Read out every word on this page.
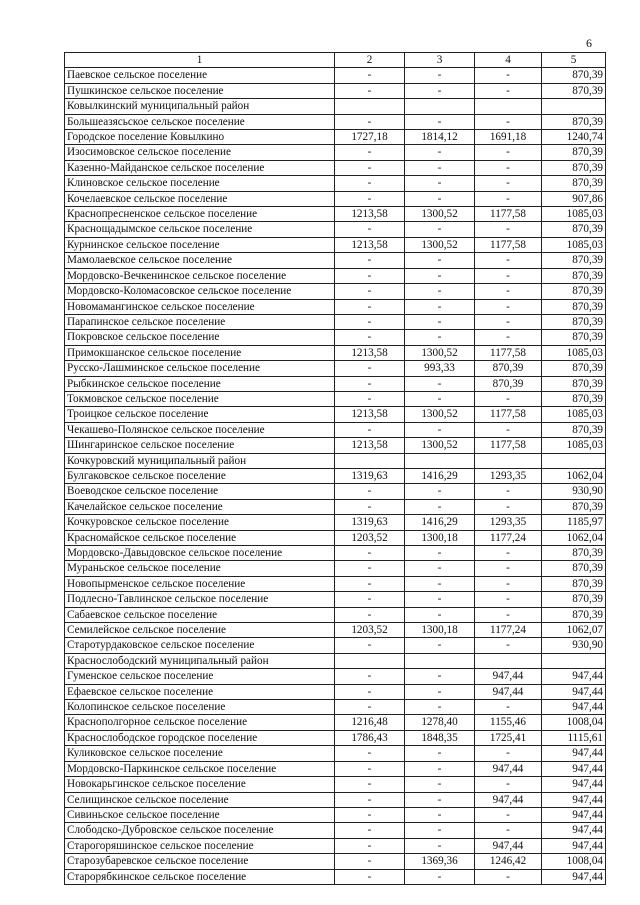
6
1	2	3	4	5
Паевское сельское поселение	-	-	-	870,39
Пушкинское сельское поселение	-	-	-	870,39
Ковылкинский муниципальный район				
Большеазясьское сельское поселение	-	-	-	870,39
Городское поселение Ковылкино	1727,18	1814,12	1691,18	1240,74
Изосимовское сельское поселение	-	-	-	870,39
Казенно-Майданское сельское поселение	-	-	-	870,39
Клиновское сельское поселение	-	-	-	870,39
Кочелаевское сельское поселение	-	-	-	907,86
Краснопресненское сельское поселение	1213,58	1300,52	1177,58	1085,03
Краснощадымское сельское поселение	-	-	-	870,39
Курнинское сельское поселение	1213,58	1300,52	1177,58	1085,03
Мамолаевское сельское поселение	-	-	-	870,39
Мордовско-Вечкенинское сельское поселение	-	-	-	870,39
Мордовско-Коломасовское сельское поселение	-	-	-	870,39
Новомамангинское сельское поселение	-	-	-	870,39
Парапинское сельское поселение	-	-	-	870,39
Покровское сельское поселение	-	-	-	870,39
Примокшанское сельское поселение	1213,58	1300,52	1177,58	1085,03
Русско-Лашминское сельское поселение	-	993,33	870,39	870,39
Рыбкинское сельское поселение	-	-	870,39	870,39
Токмовское сельское поселение	-	-	-	870,39
Троицкое сельское поселение	1213,58	1300,52	1177,58	1085,03
Чекашево-Полянское сельское поселение	-	-	-	870,39
Шингаринское сельское поселение	1213,58	1300,52	1177,58	1085,03
Кочкуровский муниципальный район				
Булгаковское сельское поселение	1319,63	1416,29	1293,35	1062,04
Воеводское сельское поселение	-	-	-	930,90
Качелайское сельское поселение	-	-	-	870,39
Кочкуровское сельское поселение	1319,63	1416,29	1293,35	1185,97
Красномайское сельское поселение	1203,52	1300,18	1177,24	1062,04
Мордовско-Давыдовское сельское поселение	-	-	-	870,39
Мураньское сельское поселение	-	-	-	870,39
Новопырменское сельское поселение	-	-	-	870,39
Подлесно-Тавлинское сельское поселение	-	-	-	870,39
Сабаевское сельское поселение	-	-	-	870,39
Семилейское сельское поселение	1203,52	1300,18	1177,24	1062,07
Старотурдаковское сельское поселение	-	-	-	930,90
Краснослободский муниципальный район				
Гуменское сельское поселение	-	-	947,44	947,44
Ефаевское сельское поселение	-	-	947,44	947,44
Колопинское сельское поселение	-	-	-	947,44
Краснополгорное сельское поселение	1216,48	1278,40	1155,46	1008,04
Краснослободское городское поселение	1786,43	1848,35	1725,41	1115,61
Куликовское сельское поселение	-	-	-	947,44
Мордовско-Паркинское сельское поселение	-	-	947,44	947,44
Новокарьгинское сельское поселение	-	-	-	947,44
Селищинское сельское поселение	-	-	947,44	947,44
Сивиньское сельское поселение	-	-	-	947,44
Слободско-Дубровское сельское поселение	-	-	-	947,44
Старогоряшинское сельское поселение	-	-	947,44	947,44
Старозубаревское сельское поселение	-	1369,36	1246,42	1008,04
Старорябкинское сельское поселение	-	-	-	947,44
